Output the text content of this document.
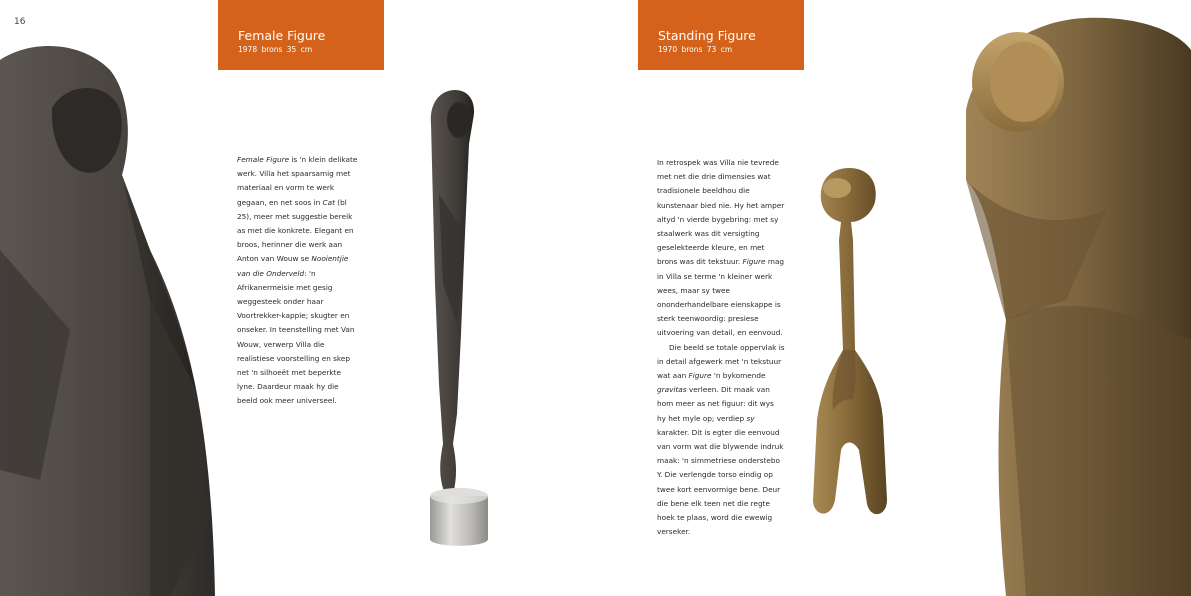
16
Female Figure
1978 brons 35 cm

Female Figure is 'n klein delikate werk. Villa het spaarsamig met materiaal en vorm te werk gegaan, en net soos in Cat (bl 25), meer met suggestie bereik as met die konkrete. Elegant en broos, herinner die werk aan Anton van Wouw se Nooientjie van die Onderveld: 'n Afrikanermeisie met gesig weggesteek onder haar Voortrekker-kappie; skugter en onseker. In teenstelling met Van Wouw, verwerp Villa die realistiese voorstelling en skep net 'n silhoeët met beperkte lyne. Daardeur maak hy die beeld ook meer universeel.

Standing Figure
1970 brons 73 cm

In retrospek was Villa nie tevrede met net die drie dimensies wat tradisionele beeldhou die kunstenaar bied nie. Hy het amper altyd 'n vierde bygebring: met sy staalwerk was dit versigting geselekteerde kleure, en met brons was dit tekstuur. Figure mag in Villa se terme 'n kleiner werk wees, maar sy twee ononderhandelbare eienskappe is sterk teenwoordig: presiese uitvoering van detail, en eenvoud.

Die beeld se totale oppervlak is in detail afgewerk met 'n tekstuur wat aan Figure 'n bykomende gravitas verleen. Dit maak van hom meer as net figuur: dit wys hy het myle op; verdiep sy karakter. Dit is egter die eenvoud van vorm wat die blywende indruk maak: 'n simmetriese onderstebo Y. Die verlengde torso eindig op twee kort eenvormige bene. Deur die bene elk teen net die regte hoek te plaas, word die ewewig verseker.
